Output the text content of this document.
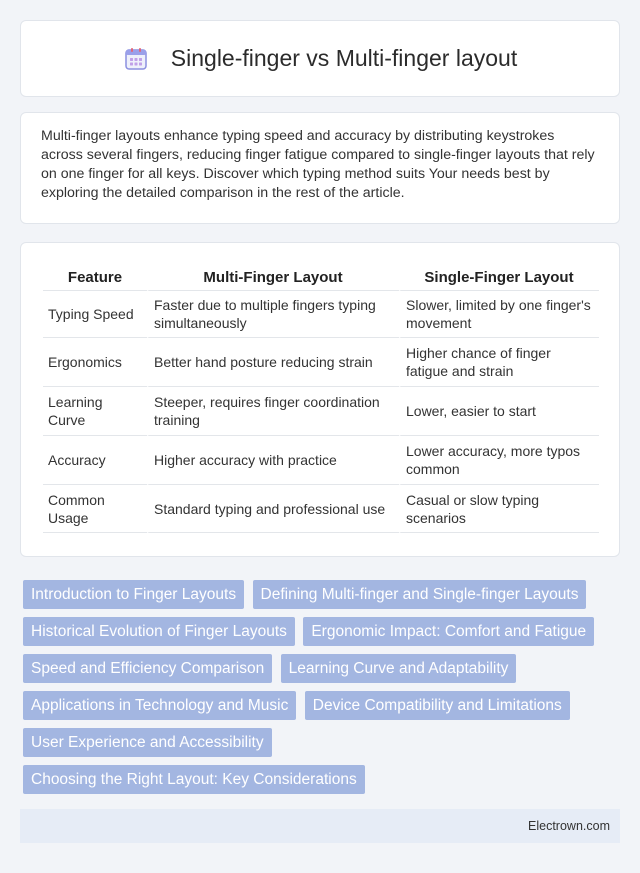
Single-finger vs Multi-finger layout

Multi-finger layouts enhance typing speed and accuracy by distributing keystrokes across several fingers, reducing finger fatigue compared to single-finger layouts that rely on one finger for all keys. Discover which typing method suits Your needs best by exploring the detailed comparison in the rest of the article.

Feature	Multi-Finger Layout	Single-Finger Layout
Typing Speed	Faster due to multiple fingers typing simultaneously	Slower, limited by one finger's movement
Ergonomics	Better hand posture reducing strain	Higher chance of finger fatigue and strain
Learning Curve	Steeper, requires finger coordination training	Lower, easier to start
Accuracy	Higher accuracy with practice	Lower accuracy, more typos common
Common Usage	Standard typing and professional use	Casual or slow typing scenarios
Introduction to Finger Layouts Defining Multi-finger and Single-finger Layouts Historical Evolution of Finger Layouts Ergonomic Impact: Comfort and Fatigue Speed and Efficiency Comparison Learning Curve and Adaptability Applications in Technology and Music Device Compatibility and Limitations User Experience and Accessibility Choosing the Right Layout: Key Considerations
Electrown.com
